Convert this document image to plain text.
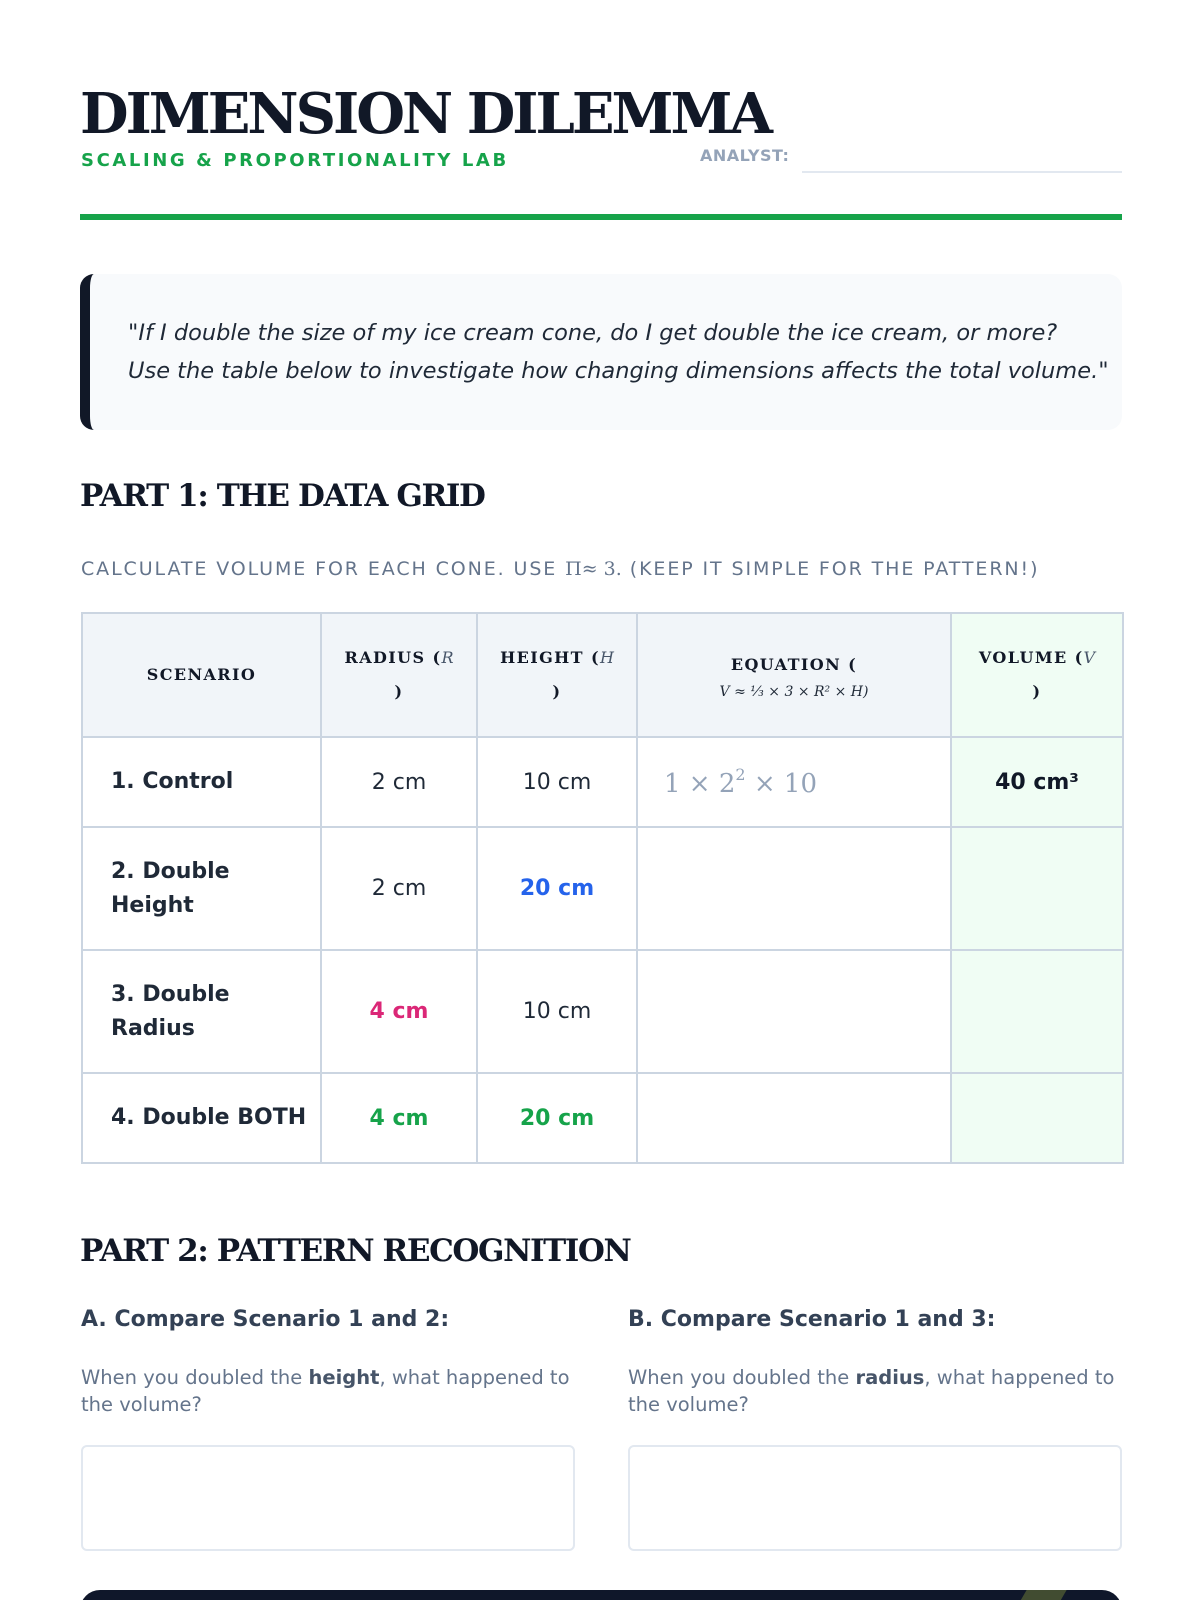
DIMENSION DILEMMA
SCALING & PROPORTIONALITY LAB	ANALYST:

"If I double the size of my ice cream cone, do I get double the ice cream, or more?

Use the table below to investigate how changing dimensions affects the total volume."

PART 1: THE DATA GRID
CALCULATE VOLUME FOR EACH CONE. USE Π≈ 3. (KEEP IT SIMPLE FOR THE PATTERN!)
SCENARIO	RADIUS (R
)	HEIGHT (H
)	EQUATION (
V ≈ ⅓ × 3 × R² × H)	VOLUME (V
)
1. Control	2 cm	10 cm	$1 \times 2^2 \times 10$	40 cm³
2. Double Height	2 cm	20 cm		
3. Double Radius	4 cm	10 cm		
4. Double BOTH	4 cm	20 cm		
PART 2: PATTERN RECOGNITION
A. Compare Scenario 1 and 2:
When you doubled the height, what happened to the volume?
B. Compare Scenario 1 and 3:
When you doubled the radius, what happened to the volume?
